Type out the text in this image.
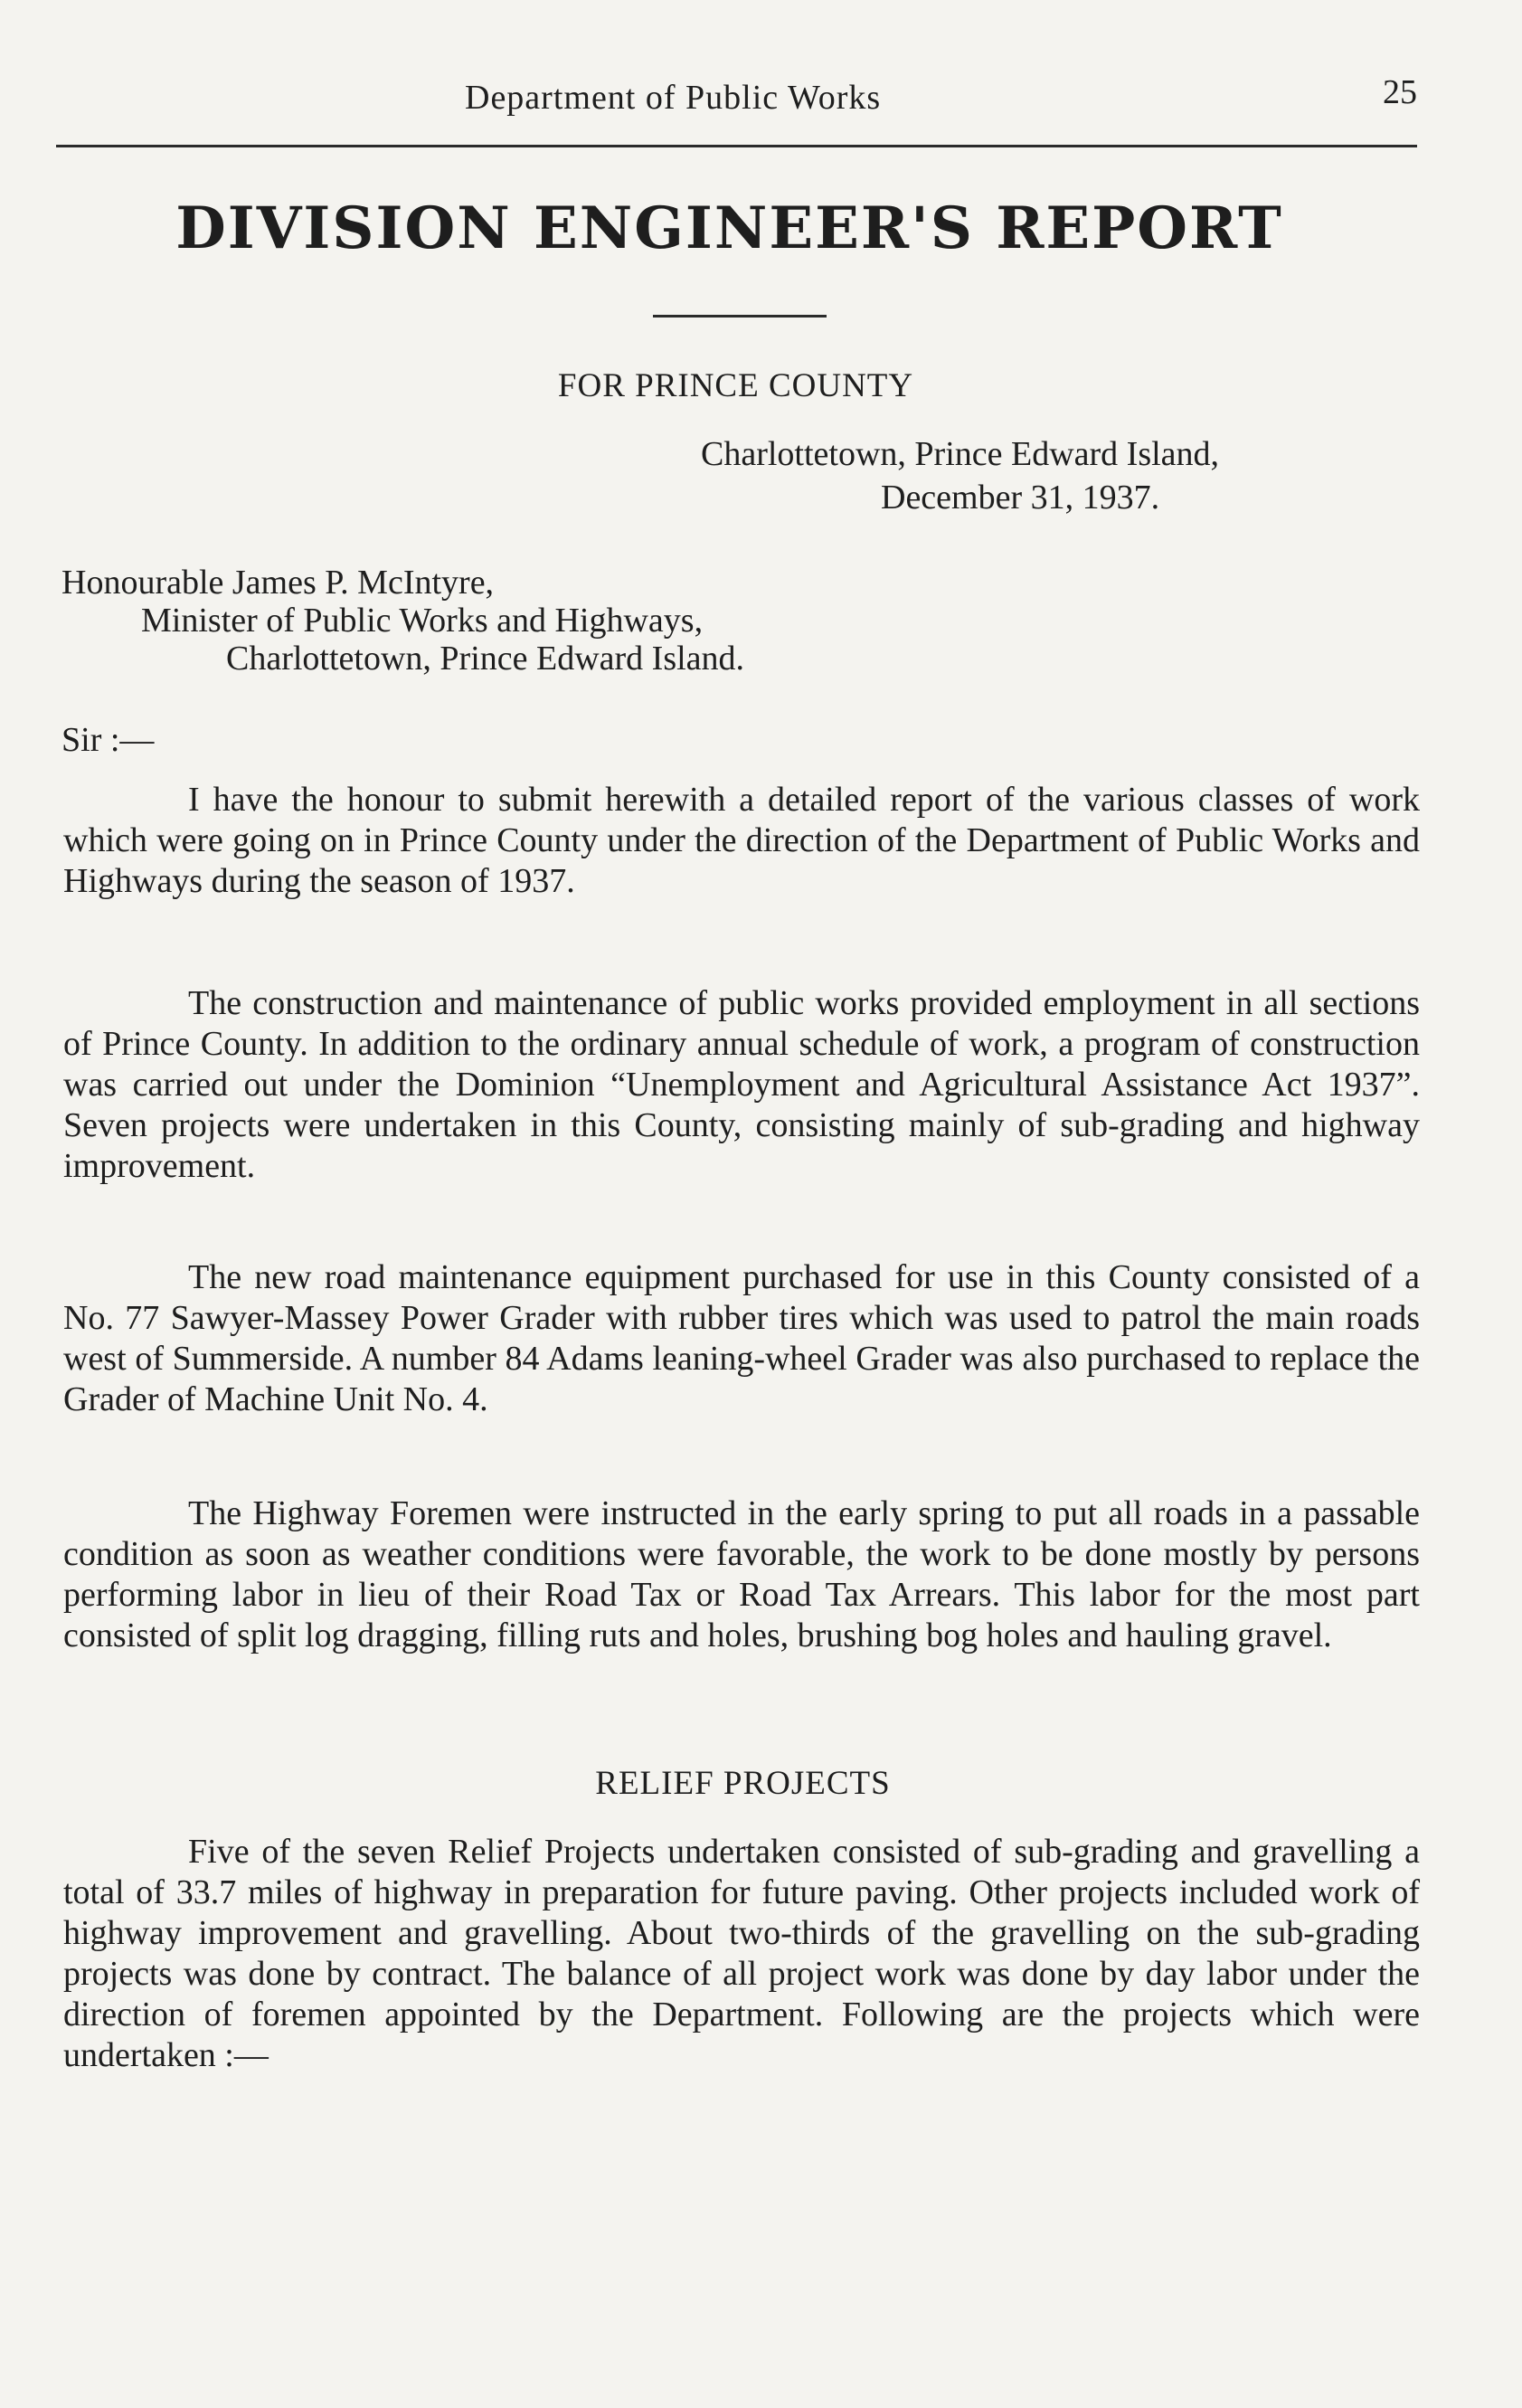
Department of Public Works	25
DIVISION ENGINEER'S REPORT
FOR PRINCE COUNTY
Charlottetown, Prince Edward Island,
December 31, 1937.
Honourable James P. McIntyre,
Minister of Public Works and Highways,
Charlottetown, Prince Edward Island.
Sir :—

I have the honour to submit herewith a detailed report of the various classes of work which were going on in Prince County under the direction of the Department of Public Works and Highways during the season of 1937.

The construction and maintenance of public works provided employment in all sections of Prince County. In addition to the ordinary annual schedule of work, a program of construction was carried out under the Dominion “Unemployment and Agricultural Assistance Act 1937”. Seven projects were undertaken in this County, consisting mainly of sub-grading and highway improvement.

The new road maintenance equipment purchased for use in this County consisted of a No. 77 Sawyer-Massey Power Grader with rubber tires which was used to patrol the main roads west of Summerside. A number 84 Adams leaning-wheel Grader was also purchased to replace the Grader of Machine Unit No. 4.

The Highway Foremen were instructed in the early spring to put all roads in a passable condition as soon as weather conditions were favorable, the work to be done mostly by persons performing labor in lieu of their Road Tax or Road Tax Arrears. This labor for the most part consisted of split log dragging, filling ruts and holes, brushing bog holes and hauling gravel.

RELIEF PROJECTS

Five of the seven Relief Projects undertaken consisted of sub-grading and gravelling a total of 33.7 miles of highway in preparation for future paving. Other projects included work of highway improvement and gravelling. About two-thirds of the gravelling on the sub-grading projects was done by contract. The balance of all project work was done by day labor under the direction of foremen appointed by the Department. Following are the projects which were undertaken :—
